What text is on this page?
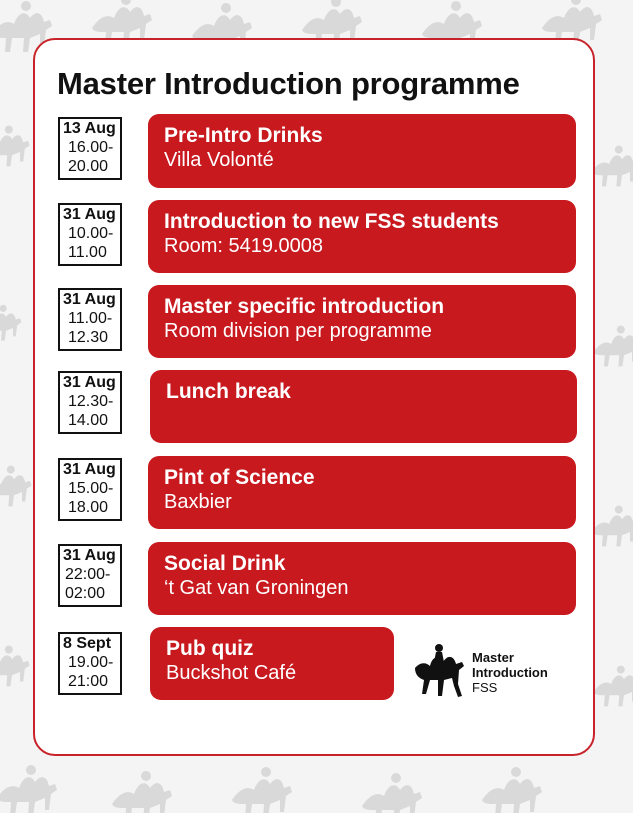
Master Introduction programme
13 Aug
16.00-
20.00
Pre-Intro Drinks
Villa Volonté
31 Aug
10.00-
11.00
Introduction to new FSS students
Room: 5419.0008
31 Aug
11.00-
12.30
Master specific introduction
Room division per programme
31 Aug
12.30-
14.00
Lunch break
31 Aug
15.00-
18.00
Pint of Science
Baxbier
31 Aug
22:00-
02:00
Social Drink
‘t Gat van Groningen
8 Sept
19.00-
21:00
Pub quiz
Buckshot Café
Master
Introduction
FSS
